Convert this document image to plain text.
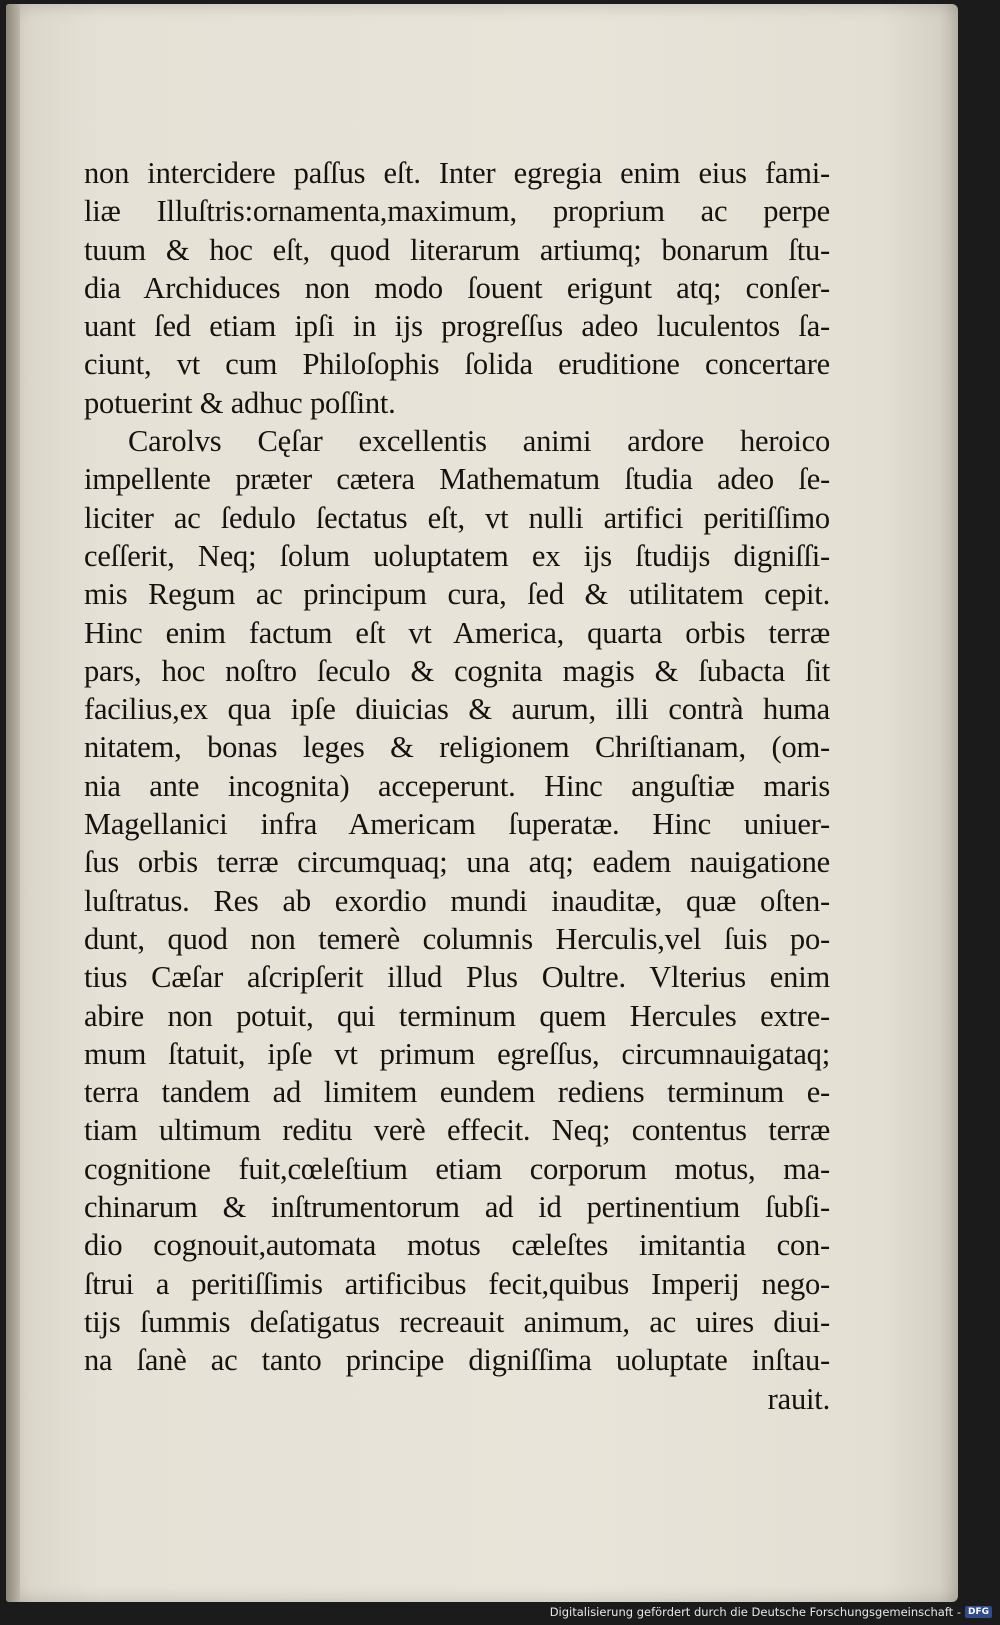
non intercidere paſſus eſt. Inter egregia enim eius fami-
liæ Illuſtris:ornamenta,maximum, proprium ac perpe
tuum & hoc eſt, quod literarum artiumq; bonarum ſtu-
dia Archiduces non modo ſouent erigunt atq; conſer-
uant ſed etiam ipſi in ijs progreſſus adeo luculentos ſa-
ciunt, vt cum Philoſophis ſolida eruditione concertare
potuerint & adhuc poſſint.
Carolvs Cęſar excellentis animi ardore heroico
impellente præter cætera Mathematum ſtudia adeo ſe-
liciter ac ſedulo ſectatus eſt, vt nulli artifici peritiſſimo
ceſſerit, Neq; ſolum uoluptatem ex ijs ſtudijs digniſſi-
mis Regum ac principum cura, ſed & utilitatem cepit.
Hinc enim factum eſt vt America, quarta orbis terræ
pars, hoc noſtro ſeculo & cognita magis & ſubacta ſit
facilius,ex qua ipſe diuicias & aurum, illi contrà huma
nitatem, bonas leges & religionem Chriſtianam, (om-
nia ante incognita) acceperunt. Hinc anguſtiæ maris
Magellanici infra Americam ſuperatæ. Hinc uniuer-
ſus orbis terræ circumquaq; una atq; eadem nauigatione
luſtratus. Res ab exordio mundi inauditæ, quæ oſten-
dunt, quod non temerè columnis Herculis,vel ſuis po-
tius Cæſar aſcripſerit illud Plus Oultre. Vlterius enim
abire non potuit, qui terminum quem Hercules extre-
mum ſtatuit, ipſe vt primum egreſſus, circumnauigataq;
terra tandem ad limitem eundem rediens terminum e-
tiam ultimum reditu verè effecit. Neq; contentus terræ
cognitione fuit,cœleſtium etiam corporum motus, ma-
chinarum & inſtrumentorum ad id pertinentium ſubſi-
dio cognouit,automata motus cæleſtes imitantia con-
ſtrui a peritiſſimis artificibus fecit,quibus Imperij nego-
tijs ſummis deſatigatus recreauit animum, ac uires diui-
na ſanè ac tanto principe digniſſima uoluptate inſtau-
rauit.
Digitalisierung gefördert durch die Deutsche Forschungsgemeinschaft - DFG
